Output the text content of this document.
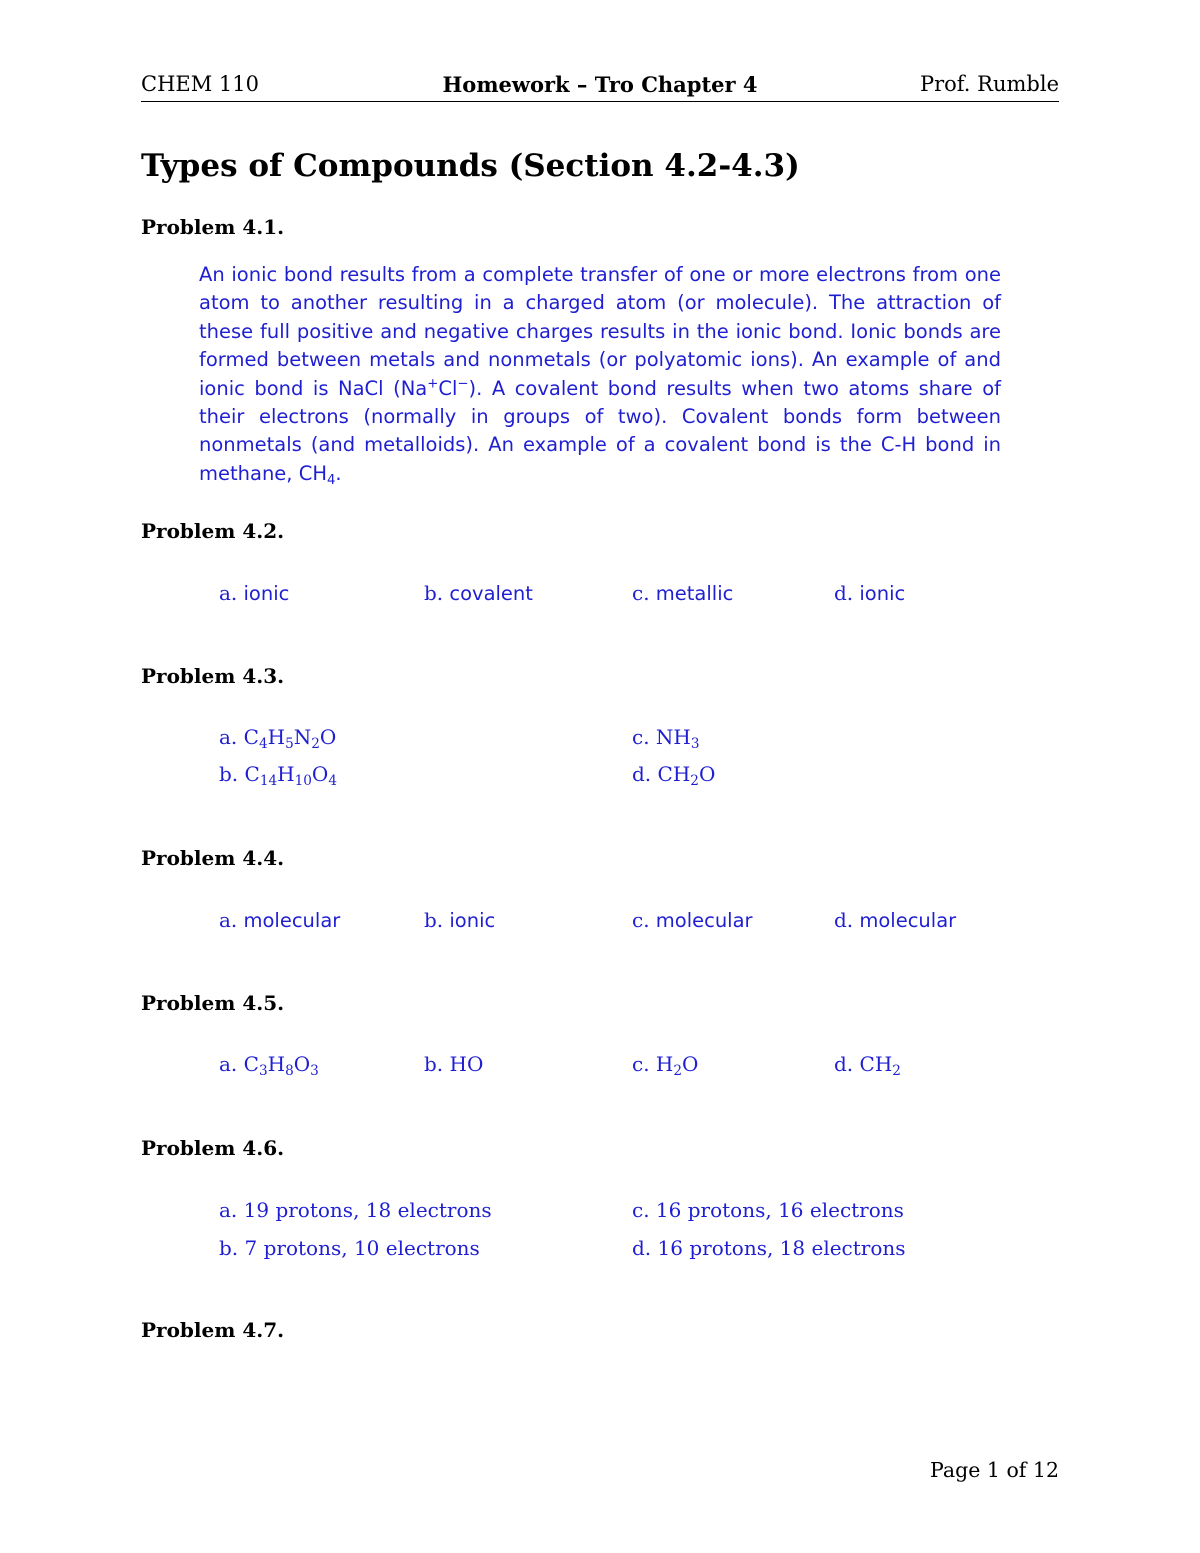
CHEM 110	Homework – Tro Chapter 4	Prof. Rumble
Types of Compounds (Section 4.2-4.3)
Problem 4.1.

An ionic bond results from a complete transfer of one or more electrons from one atom to another resulting in a charged atom (or molecule). The attraction of these full positive and negative charges results in the ionic bond. Ionic bonds are formed between metals and nonmetals (or polyatomic ions). An example of and ionic bond is NaCl (Na+Cl−). A covalent bond results when two atoms share of their electrons (normally in groups of two). Covalent bonds form between nonmetals (and metalloids). An example of a covalent bond is the C-H bond in methane, $CH_4$.

Problem 4.2.
a. ionic	b. covalent	c. metallic	d. ionic
Problem 4.3.
a. $C_4H_5N_2O$
b. $C_{14}H_{10}O_4$
c. $NH_3$
d. $CH_2O$
Problem 4.4.
a. molecular	b. ionic	c. molecular	d. molecular
Problem 4.5.
a. $C_3H_8O_3$	b. HO	c. $H_2O$	d. $CH_2$
Problem 4.6.
a. 19 protons, 18 electrons
b. 7 protons, 10 electrons
c. 16 protons, 16 electrons
d. 16 protons, 18 electrons
Problem 4.7.
Page 1 of 12
